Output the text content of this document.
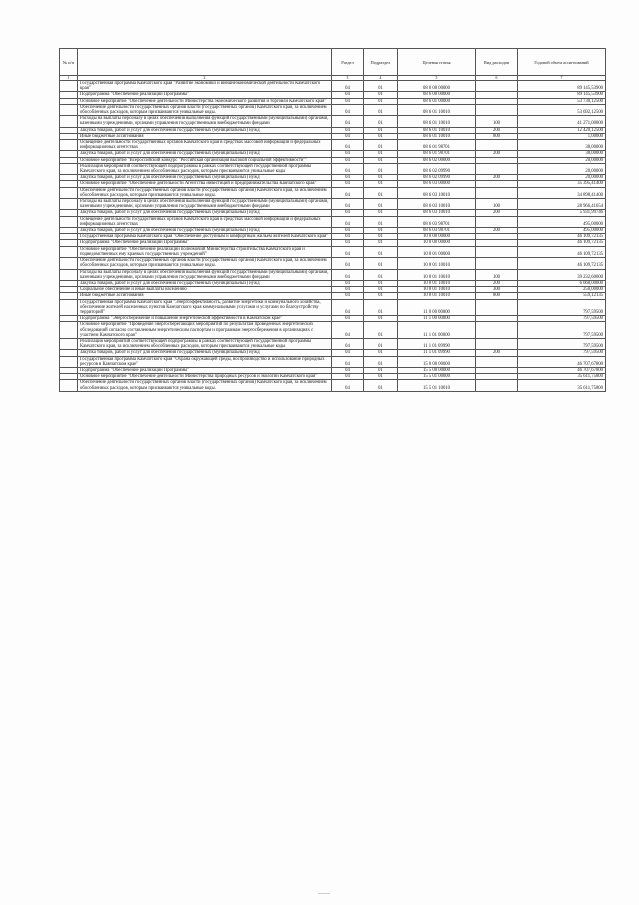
№ п/п		Раздел	Подраздел	Целевая статья	Вид расходов	Годовой объем ассигнований
1	2	3	4	5	6	7
	Государственная программа Камчатского края "Развитие экономики и внешнеэкономической деятельности Камчатского края"	04	01	08 0 00 00000		89 145,53900
	Подпрограмма "Обеспечение реализации Программы"	04	01	08 6 00 00000		89 145,53900
	Основное мероприятие "Обеспечение деятельности Министерства экономического развития и торговли Камчатского края"	04	01	08 6 01 00000		53 730,12500
	Обеспечение деятельности государственных органов власти (государственных органов) Камчатского края, за исключением обособленных расходов, которым присваиваются уникальные коды.	04	01	08 6 01 10010		53 692,12500
	Расходы на выплаты персоналу в целях обеспечения выполнения функций государственными (муниципальными) органами, казенными учреждениями, органами управления государственными внебюджетными фондами	04	01	08 6 01 10010	100	41 271,00000
	Закупка товаров, работ и услуг для обеспечения государственных (муниципальных) нужд	04	01	08 6 01 10010	200	12 420,12500
	Иные бюджетные ассигнования	04	01	08 6 01 10010	800	1,00000
	Освещение деятельности государственных органов Камчатского края в средствах массовой информации и федеральных информационных агентствах	04	01	08 6 01 98701		38,00000
	Закупка товаров, работ и услуг для обеспечения государственных (муниципальных) нужд	04	01	08 6 01 98701	200	38,00000
	Основное мероприятие "Всероссийский конкурс "Российская организация высокой социальной эффективности""	04	01	08 6 02 00000		20,00000
	Реализация мероприятий соответствующей подпрограммы в рамках соответствующей государственной программы Камчатского края, за исключением обособленных расходов, которым присваиваются уникальные коды	04	01	08 6 02 09990		20,00000
	Закупка товаров, работ и услуг для обеспечения государственных (муниципальных) нужд	04	01	08 6 02 09990	200	20,00000
	Основное мероприятие "Обеспечение деятельности Агентства инвестиций и предпринимательства Камчатского края"	04	01	08 6 03 00000		35 395,41400
	Обеспечение деятельности государственных органов власти (государственных органов) Камчатского края, за исключением обособленных расходов, которым присваиваются уникальные коды.	04	01	08 6 03 10010		34 898,41400
	Расходы на выплаты персоналу в целях обеспечения выполнения функций государственными (муниципальными) органами, казенными учреждениями, органами управления государственными внебюджетными фондами	04	01	08 6 03 10010	100	28 966,41654
	Закупка товаров, работ и услуг для обеспечения государственных (муниципальных) нужд	04	01	08 6 03 10010	200	5 931,99746
	Освещение деятельности государственных органов Камчатского края в средствах массовой информации и федеральных информационных агентствах	04	01	08 6 03 98701		495,00000
	Закупка товаров, работ и услуг для обеспечения государственных (муниципальных) нужд	04	01	08 6 03 98701	200	495,00000
	Государственная программа Камчатского края "Обеспечение доступным и комфортным жильем жителей Камчатского края"	04	01	10 0 00 00000		46 109,72135
	Подпрограмма "Обеспечение реализации Программы"	04	01	10 8 00 00000		46 109,72135
	Основное мероприятие "Обеспечение реализации полномочий Министерства строительства Камчатского края и подведомственных ему краевых государственных учреждений"	04	01	10 8 01 00000		46 109,72135
	Обеспечение деятельности государственных органов власти (государственных органов) Камчатского края, за исключением обособленных расходов, которым присваиваются уникальные коды.	04	01	10 8 01 10010		46 109,72135
	Расходы на выплаты персоналу в целях обеспечения выполнения функций государственными (муниципальными) органами, казенными учреждениями, органами управления государственными внебюджетными фондами	04	01	10 8 01 10010	100	39 232,60000
	Закупка товаров, работ и услуг для обеспечения государственных (муниципальных) нужд	04	01	10 8 01 10010	200	6 068,00000
	Социальное обеспечение и иные выплаты населению	04	01	10 8 01 10010	300	250,00000
	Иные бюджетные ассигнования	04	01	10 8 01 10010	800	559,12135
	Государственная программа Камчатского края "Энергоэффективность, развитие энергетики и коммунального хозяйства, обеспечение жителей населенных пунктов Камчатского края коммунальными услугами и услугами по благоустройству территорий"	04	01	11 0 00 00000		797,59500
	Подпрограмма "Энергосбережение и повышение энергетической эффективности в Камчатском крае"	04	01	11 1 00 00000		797,59500
	Основное мероприятие "Проведение энергосберегающих мероприятий по результатам проведенных энергетических обследований согласно составленным энергетическим паспортам и программам энергосбережения в организациях с участием Камчатского края"	04	01	11 1 01 00000		797,59500
	Реализация мероприятий соответствующей подпрограммы в рамках соответствующей государственной программы Камчатского края, за исключением обособленных расходов, которым присваиваются уникальные коды	04	01	11 1 01 09990		797,59500
	Закупка товаров, работ и услуг для обеспечения государственных (муниципальных) нужд	04	01	11 1 01 09990	200	797,59500
	Государственная программа Камчатского края "Охрана окружающей среды, воспроизводство и использование природных ресурсов в Камчатском крае"	04	01	15 0 00 00000		46 707,67800
	Подпрограмма "Обеспечение реализации Программы"	04	01	15 5 00 00000		46 707,67800
	Основное мероприятие "Обеспечение деятельности Министерства природных ресурсов и экологии Камчатского края"	04	01	15 5 01 00000		35 611,75800
	Обеспечение деятельности государственных органов власти (государственных органов) Камчатского края, за исключением обособленных расходов, которым присваиваются уникальные коды.	04	01	15 5 01 10010		35 611,75800
